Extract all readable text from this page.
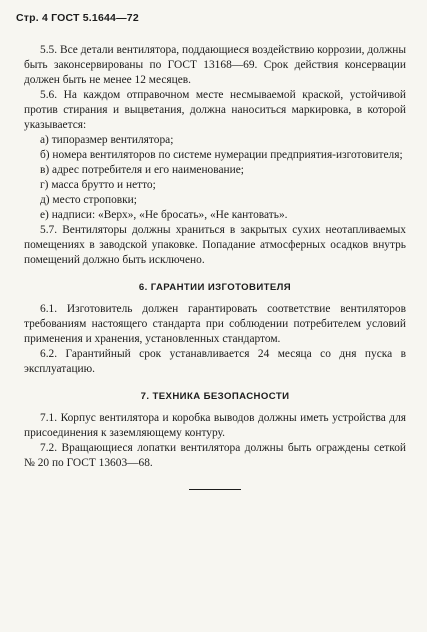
Стр. 4 ГОСТ 5.1644—72

5.5. Все детали вентилятора, поддающиеся воздействию коррозии, должны быть законсервированы по ГОСТ 13168—69. Срок действия консервации должен быть не менее 12 месяцев.

5.6. На каждом отправочном месте несмываемой краской, устойчивой против стирания и выцветания, должна наноситься маркировка, в которой указывается:

а) типоразмер вентилятора;

б) номера вентиляторов по системе нумерации предприятия-изготовителя;

в) адрес потребителя и его наименование;

г) масса брутто и нетто;

д) место строповки;

е) надписи: «Верх», «Не бросать», «Не кантовать».

5.7. Вентиляторы должны храниться в закрытых сухих неотапливаемых помещениях в заводской упаковке. Попадание атмосферных осадков внутрь помещений должно быть исключено.

6. ГАРАНТИИ ИЗГОТОВИТЕЛЯ

6.1. Изготовитель должен гарантировать соответствие вентиляторов требованиям настоящего стандарта при соблюдении потребителем условий применения и хранения, установленных стандартом.

6.2. Гарантийный срок устанавливается 24 месяца со дня пуска в эксплуатацию.

7. ТЕХНИКА БЕЗОПАСНОСТИ

7.1. Корпус вентилятора и коробка выводов должны иметь устройства для присоединения к заземляющему контуру.

7.2. Вращающиеся лопатки вентилятора должны быть ограждены сеткой № 20 по ГОСТ 13603—68.
